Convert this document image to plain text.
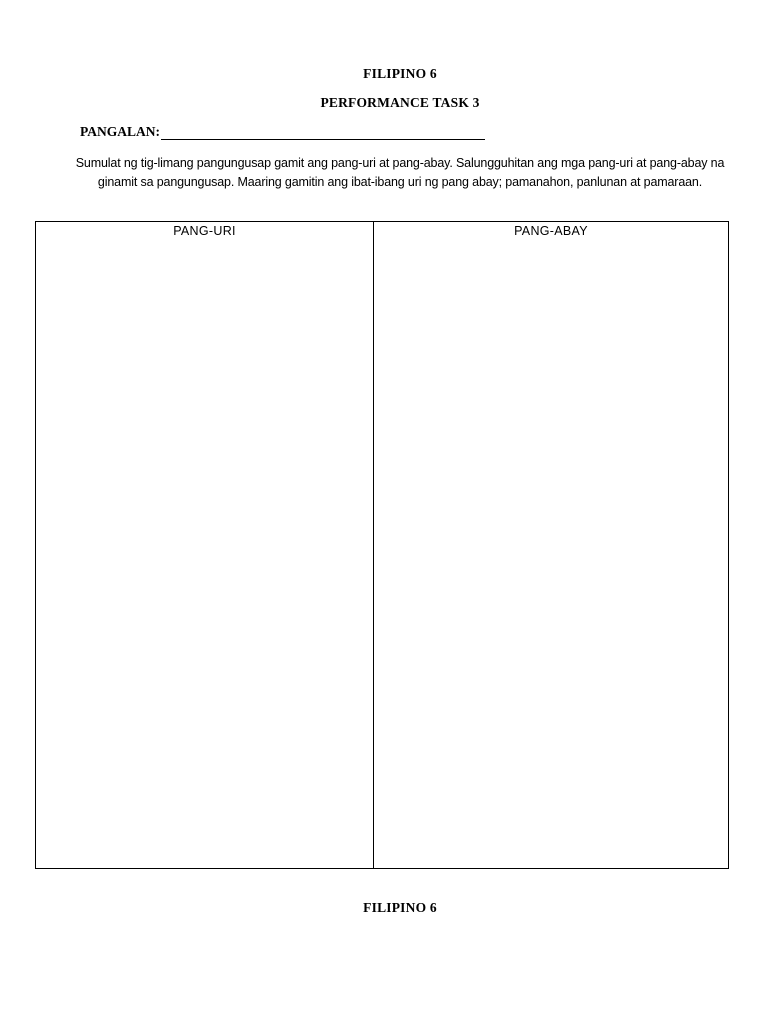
FILIPINO 6
PERFORMANCE TASK 3
PANGALAN:
Sumulat ng tig-limang pangungusap gamit ang pang-uri at pang-abay. Salungguhitan ang mga pang-uri at pang-abay na ginamit sa pangungusap. Maaring gamitin ang ibat-ibang uri ng pang abay; pamanahon, panlunan at pamaraan.
PANG-URI	PANG-ABAY
FILIPINO 6
